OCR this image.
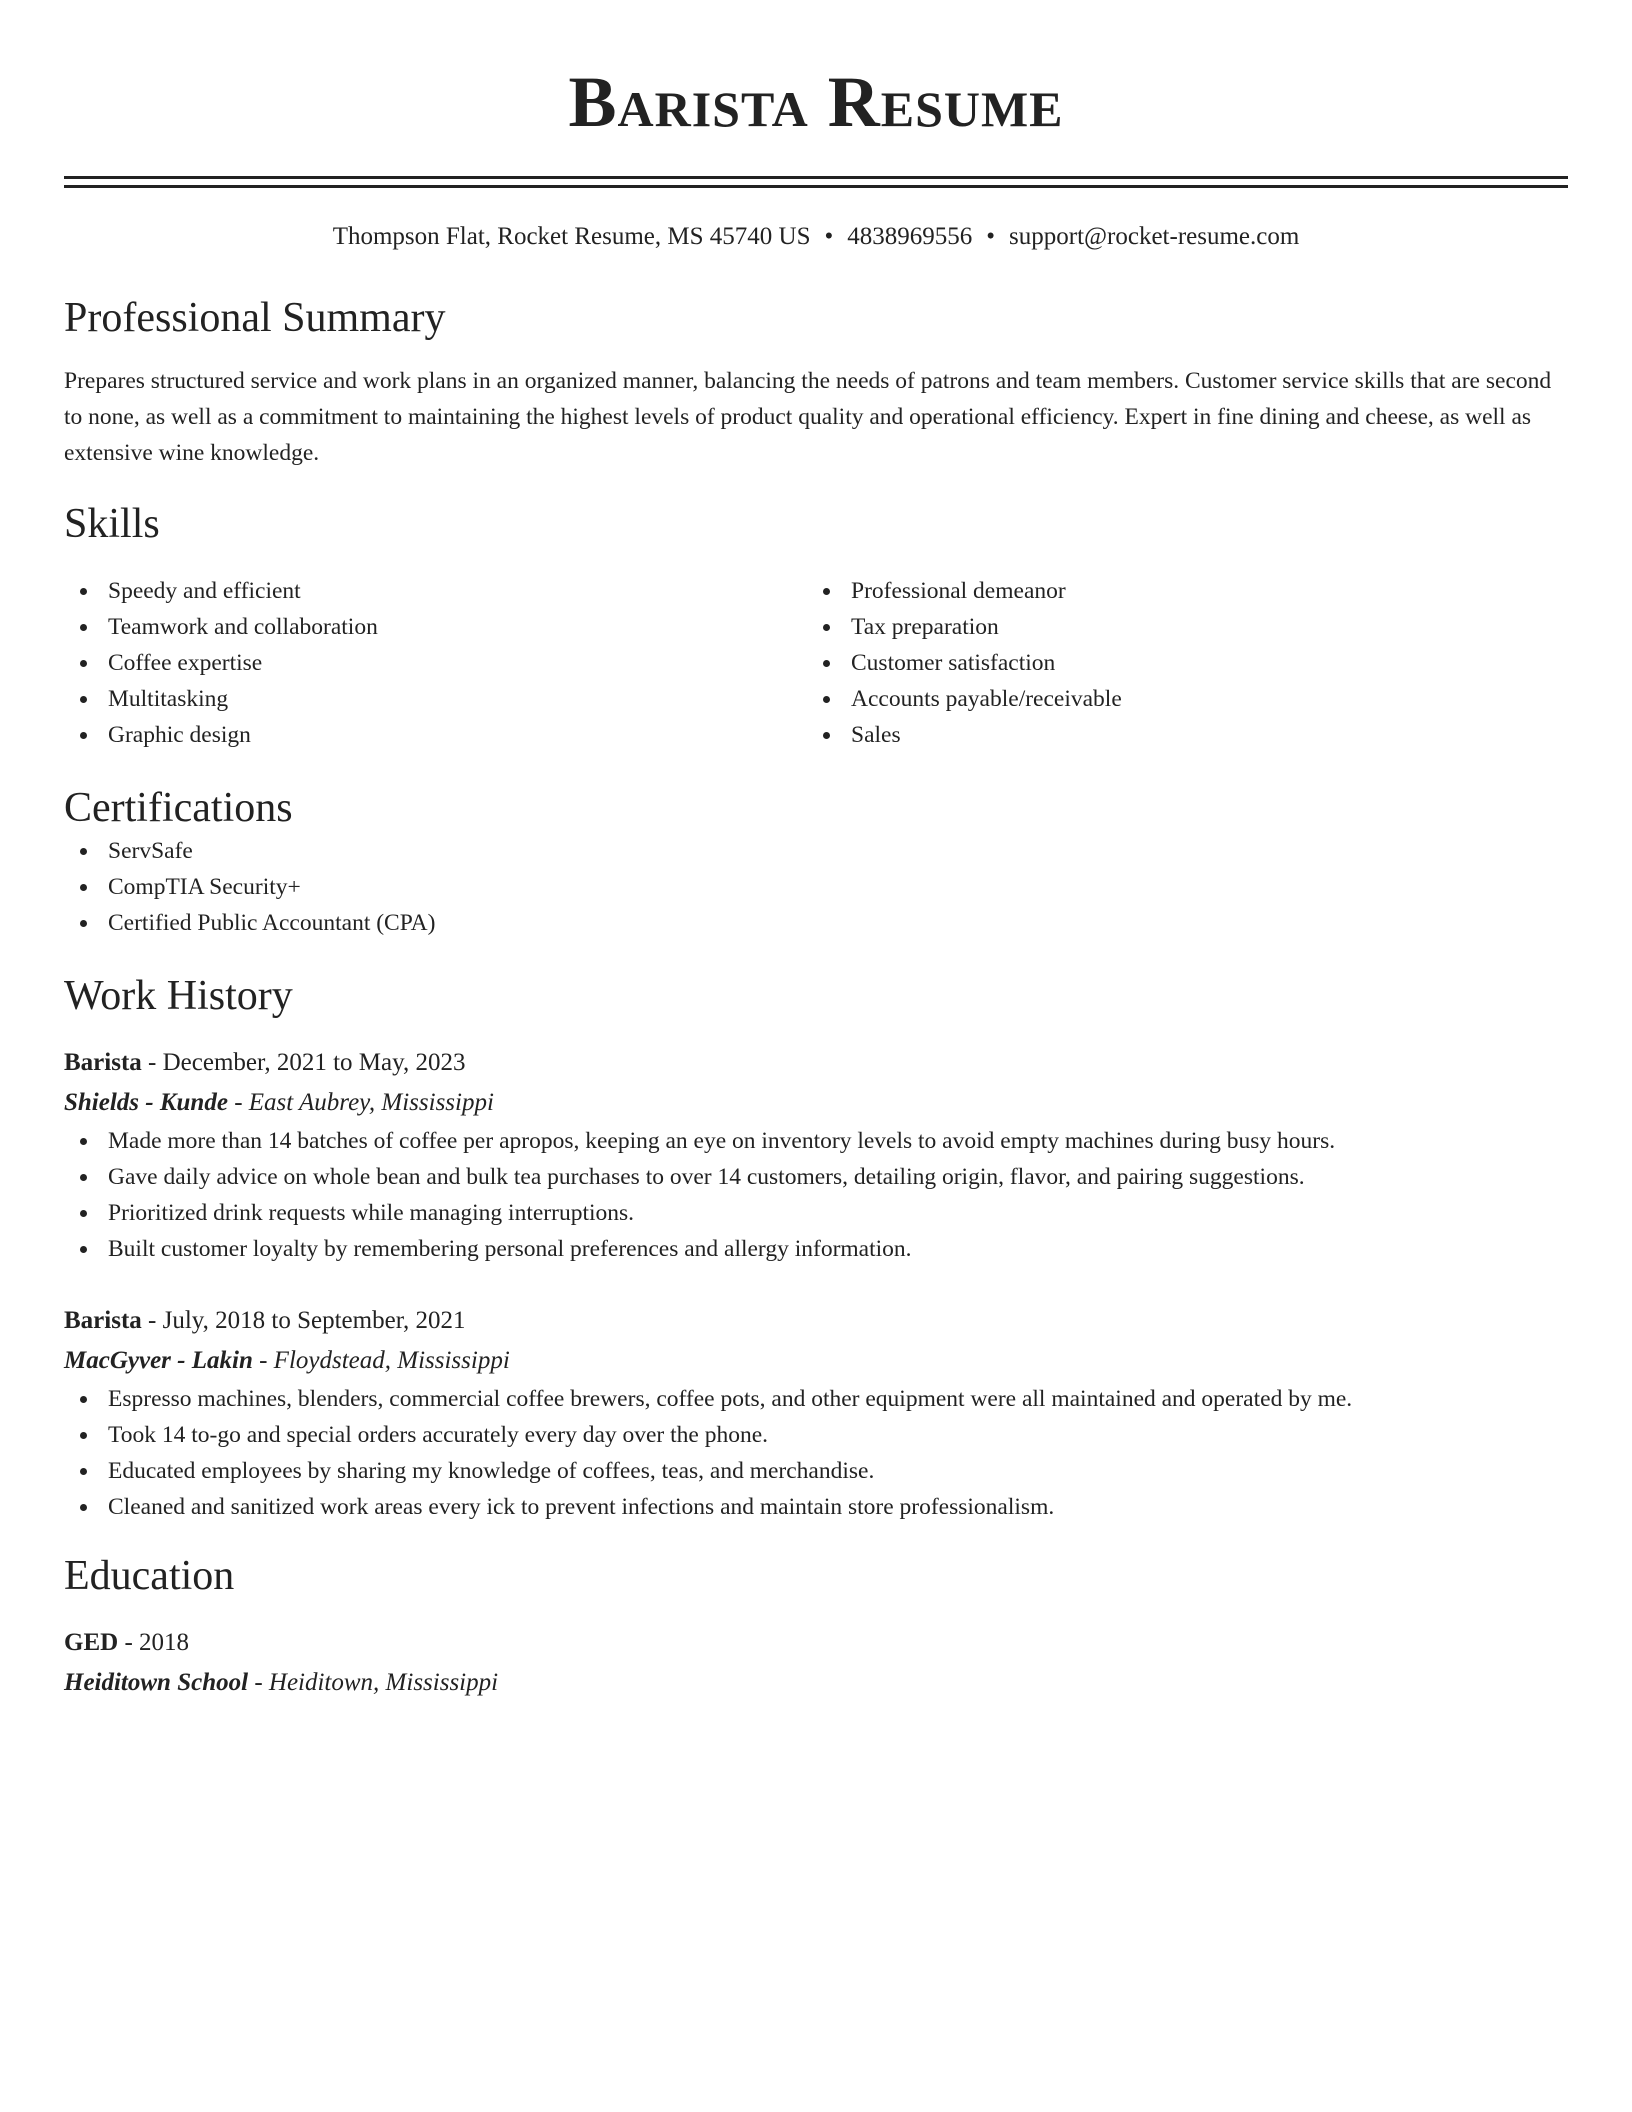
Barista Resume
Thompson Flat, Rocket Resume, MS 45740 US • 4838969556 • support@rocket-resume.com
Professional Summary

Prepares structured service and work plans in an organized manner, balancing the needs of patrons and team members. Customer service skills that are second to none, as well as a commitment to maintaining the highest levels of product quality and operational efficiency. Expert in fine dining and cheese, as well as extensive wine knowledge.

Skills
Speedy and efficient
Teamwork and collaboration
Coffee expertise
Multitasking
Graphic design
Professional demeanor
Tax preparation
Customer satisfaction
Accounts payable/receivable
Sales
Certifications
ServSafe
CompTIA Security+
Certified Public Accountant (CPA)
Work History
Barista - December, 2021 to May, 2023
Shields - Kunde - East Aubrey, Mississippi
Made more than 14 batches of coffee per apropos, keeping an eye on inventory levels to avoid empty machines during busy hours.
Gave daily advice on whole bean and bulk tea purchases to over 14 customers, detailing origin, flavor, and pairing suggestions.
Prioritized drink requests while managing interruptions.
Built customer loyalty by remembering personal preferences and allergy information.
Barista - July, 2018 to September, 2021
MacGyver - Lakin - Floydstead, Mississippi
Espresso machines, blenders, commercial coffee brewers, coffee pots, and other equipment were all maintained and operated by me.
Took 14 to-go and special orders accurately every day over the phone.
Educated employees by sharing my knowledge of coffees, teas, and merchandise.
Cleaned and sanitized work areas every ick to prevent infections and maintain store professionalism.
Education
GED - 2018
Heiditown School - Heiditown, Mississippi
